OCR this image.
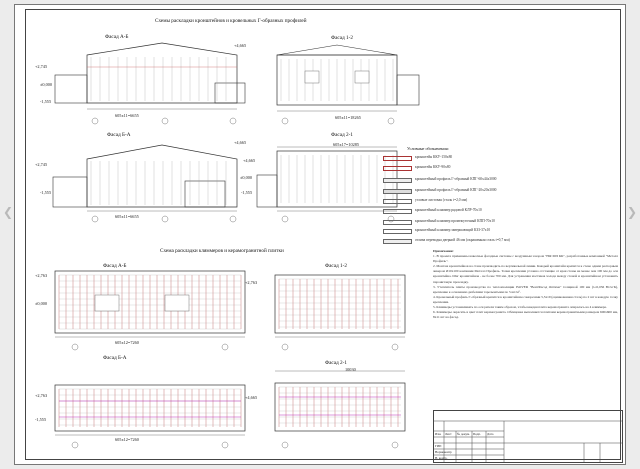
❮	❯
Схемы раскладки кронштейнов и кровельных Г-образных профилей
Схема раскладки кляммеров и керамогранитной плитки
Фасад А-Б	Фасад 1-2
Фасад Б-А	Фасад 2-1
Фасад А-Б	Фасад 1-2
Фасад Б-А
Фасад 2-1
+4,665
+2,745
±0,000
-1,555
605х11=6655	605х11=18265
+4,665
+2,745
-1,555
605х11=6655
605х17=10285
+4,665
±0,000
-1,555
+2,763
±0,000
605х12=7260
+2,763
+2,763
-1,555
605х12=7260
10030
+4,665
Условные обозначения:
кронштейн ККУ-150х80
кронштейн ККУ-90х80
кронштейный профиль Г-образный КПГ-60х44х3000
кронштейный профиль Г-образный КПГ-20х20х3000
угловые листовая (сталь t=2,0 мм)
кронштейный кляммер рядовой КЛР-70х10
кронштейный кляммер промежуточный КПП-70х10
кронштейный кляммер завершающий КЗЗ-37х10
отлива переводна дверной 46 мм (окрашенная сталь t=0,7 мм)

Примечания:

1. В проекте применены навесные фасадные системы с воздушным зазором "НФ МП КК", разработанные компанией "Металл Профиль".

2. Монтаж кронштейнов на стене производить по вертикальной линии. Каждый кронштейн крепится к стене одним распорным анкером Ø10х100 компании Металл Профиль. Точки крепления условно отстоящие от края стены не менее чем 100 мм до оси кронштейна. Шаг кронштейнов - не более 700 мм. Для устранения мостиков холода между стеной и кронштейном установить паронитовую прокладку.

3. Утеплитель плиты производства по теплоизоляции ISOVER "ВентФасад Оптима" толщиной 100 мм (λ=0,036 Вт/м·К), крепление к основанию дюбелями тарельчатыми по 5 шт/м².

4. Кровельный профиль Г-образный крепится к кронштейнам саморезами 5,5х19 (оцинкованная сталь) по 2 шт в каждую точку крепления.

5. Кляммеры устанавливать по оси ригеля таким образом, чтобы каждая плита керамогранита опиралась на 4 кляммера.

6. Кляммеры окрасить в цвет плит керамогранита. Облицовка выполняется плитами керамогранитными размером 600х600 мм, 8х11 шт на фасад.

Изм. Лист № докум. Подп. Дата
ГИП
Нормоконтр
Н. контр.
